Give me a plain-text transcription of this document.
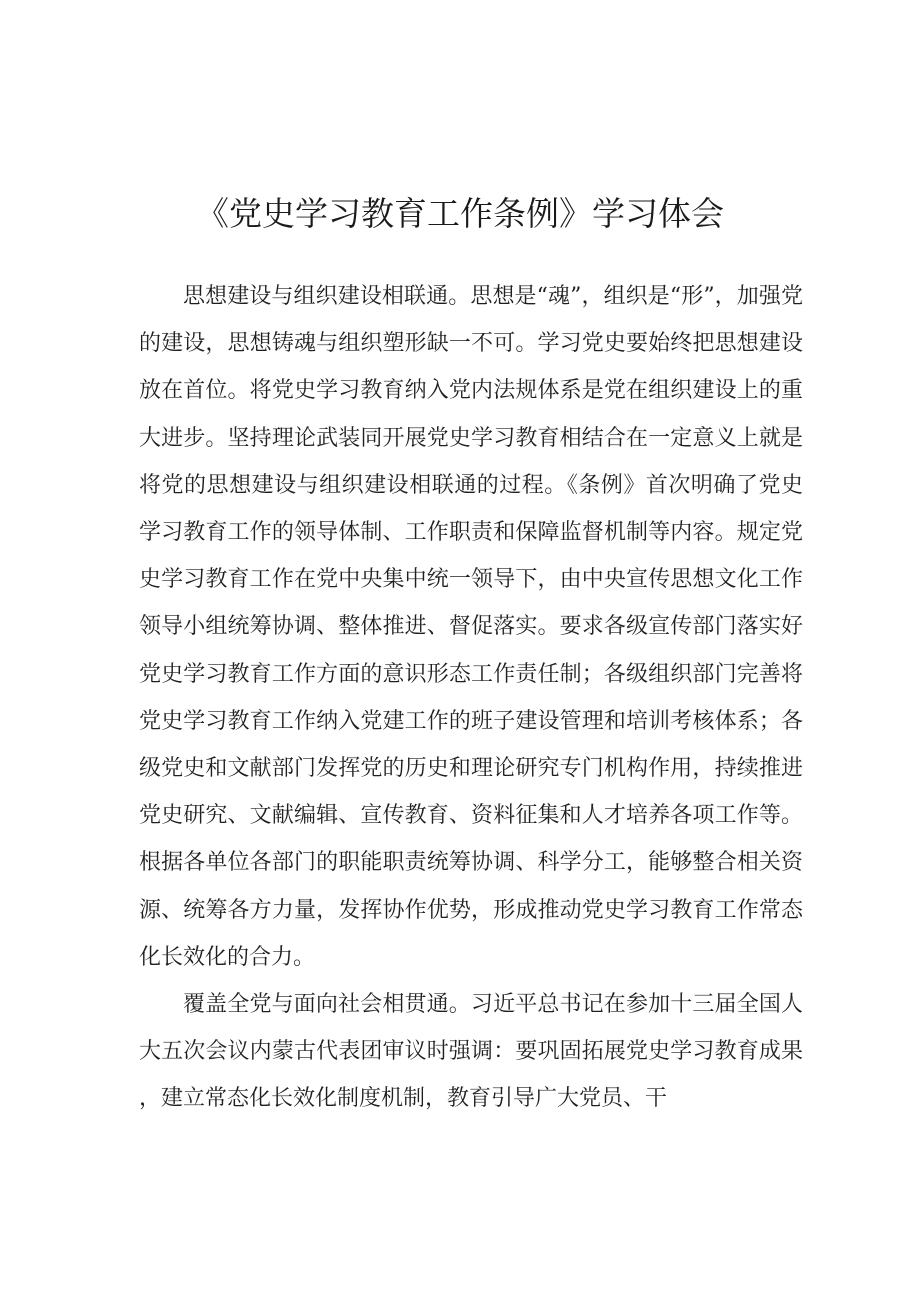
《党史学习教育工作条例》学习体会

思想建设与组织建设相联通。思想是“魂”，组织是“形”，加强党的建设，思想铸魂与组织塑形缺一不可。学习党史要始终把思想建设放在首位。将党史学习教育纳入党内法规体系是党在组织建设上的重大进步。坚持理论武装同开展党史学习教育相结合在一定意义上就是将党的思想建设与组织建设相联通的过程。《条例》首次明确了党史学习教育工作的领导体制、工作职责和保障监督机制等内容。规定党史学习教育工作在党中央集中统一领导下，由中央宣传思想文化工作领导小组统筹协调、整体推进、督促落实。要求各级宣传部门落实好党史学习教育工作方面的意识形态工作责任制；各级组织部门完善将党史学习教育工作纳入党建工作的班子建设管理和培训考核体系；各级党史和文献部门发挥党的历史和理论研究专门机构作用，持续推进党史研究、文献编辑、宣传教育、资料征集和人才培养各项工作等。根据各单位各部门的职能职责统筹协调、科学分工，能够整合相关资源、统筹各方力量，发挥协作优势，形成推动党史学习教育工作常态化长效化的合力。

覆盖全党与面向社会相贯通。习近平总书记在参加十三届全国人大五次会议内蒙古代表团审议时强调：要巩固拓展党史学习教育成果，建立常态化长效化制度机制，教育引导广大党员、干
